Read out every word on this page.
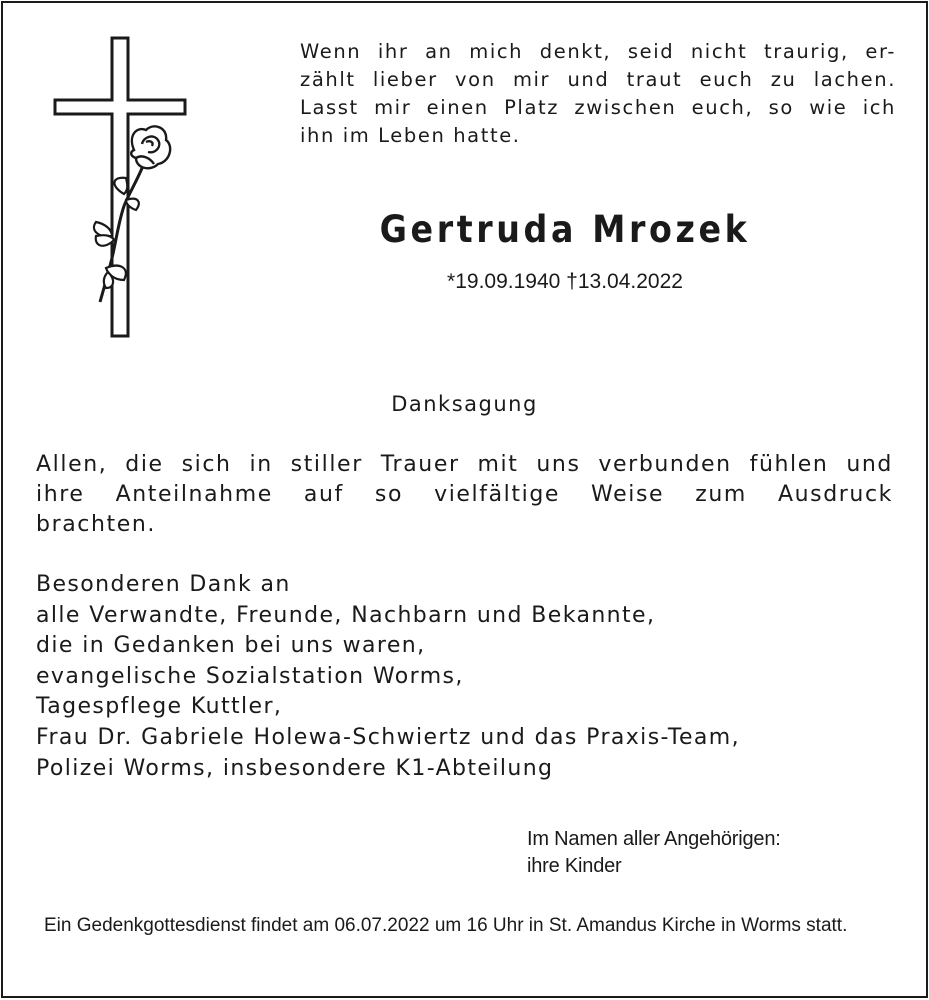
Wenn ihr an mich denkt, seid nicht traurig, er-
zählt lieber von mir und traut euch zu lachen.
Lasst mir einen Platz zwischen euch, so wie ich
ihn im Leben hatte.
Gertruda Mrozek
*19.09.1940 †13.04.2022
Danksagung
Allen, die sich in stiller Trauer mit uns verbunden fühlen und
ihre Anteilnahme auf so vielfältige Weise zum Ausdruck
brachten.
Besonderen Dank an
alle Verwandte, Freunde, Nachbarn und Bekannte,
die in Gedanken bei uns waren,
evangelische Sozialstation Worms,
Tagespflege Kuttler,
Frau Dr. Gabriele Holewa-Schwiertz und das Praxis-Team,
Polizei Worms, insbesondere K1-Abteilung
Im Namen aller Angehörigen:
ihre Kinder
Ein Gedenkgottesdienst findet am 06.07.2022 um 16 Uhr in St. Amandus Kirche in Worms statt.
